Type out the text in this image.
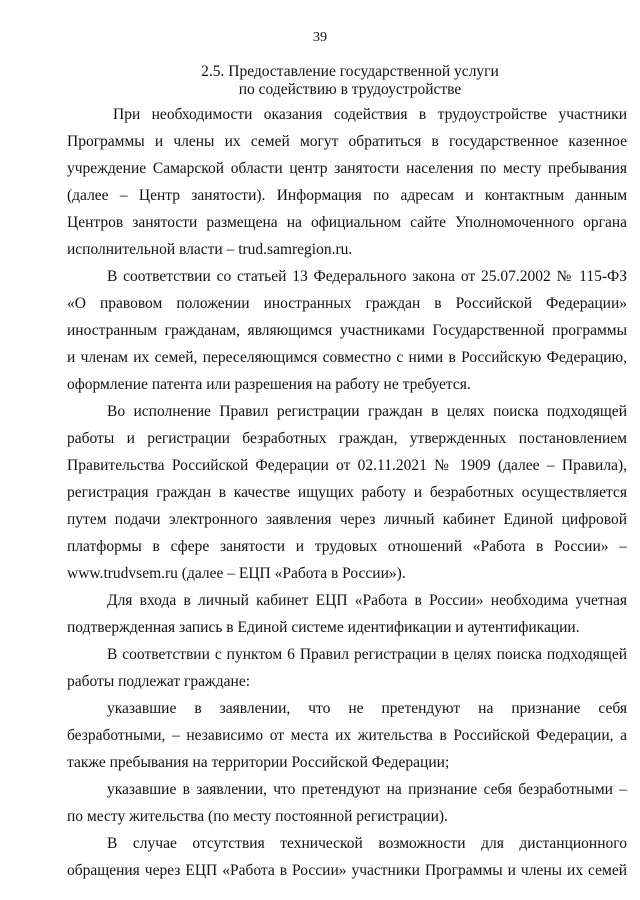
39
2.5. Предоставление государственной услуги
по содействию в трудоустройстве
При необходимости оказания содействия в трудоустройстве участники
Программы и члены их семей могут обратиться в государственное казенное
учреждение Самарской области центр занятости населения по месту пребывания
(далее – Центр занятости). Информация по адресам и контактным данным
Центров занятости размещена на официальном сайте Уполномоченного органа
исполнительной власти – trud.samregion.ru.
В соответствии со статьей 13 Федерального закона от 25.07.2002 № 115-ФЗ
«О правовом положении иностранных граждан в Российской Федерации»
иностранным гражданам, являющимся участниками Государственной программы
и членам их семей, переселяющимся совместно с ними в Российскую Федерацию,
оформление патента или разрешения на работу не требуется.
Во исполнение Правил регистрации граждан в целях поиска подходящей
работы и регистрации безработных граждан, утвержденных постановлением
Правительства Российской Федерации от 02.11.2021 № 1909 (далее – Правила),
регистрация граждан в качестве ищущих работу и безработных осуществляется
путем подачи электронного заявления через личный кабинет Единой цифровой
платформы в сфере занятости и трудовых отношений «Работа в России» –
www.trudvsem.ru (далее – ЕЦП «Работа в России»).
Для входа в личный кабинет ЕЦП «Работа в России» необходима учетная
подтвержденная запись в Единой системе идентификации и аутентификации.
В соответствии с пунктом 6 Правил регистрации в целях поиска подходящей
работы подлежат граждане:
указавшие в заявлении, что не претендуют на признание себя
безработными, – независимо от места их жительства в Российской Федерации, а
также пребывания на территории Российской Федерации;
указавшие в заявлении, что претендуют на признание себя безработными –
по месту жительства (по месту постоянной регистрации).
В случае отсутствия технической возможности для дистанционного
обращения через ЕЦП «Работа в России» участники Программы и члены их семей
